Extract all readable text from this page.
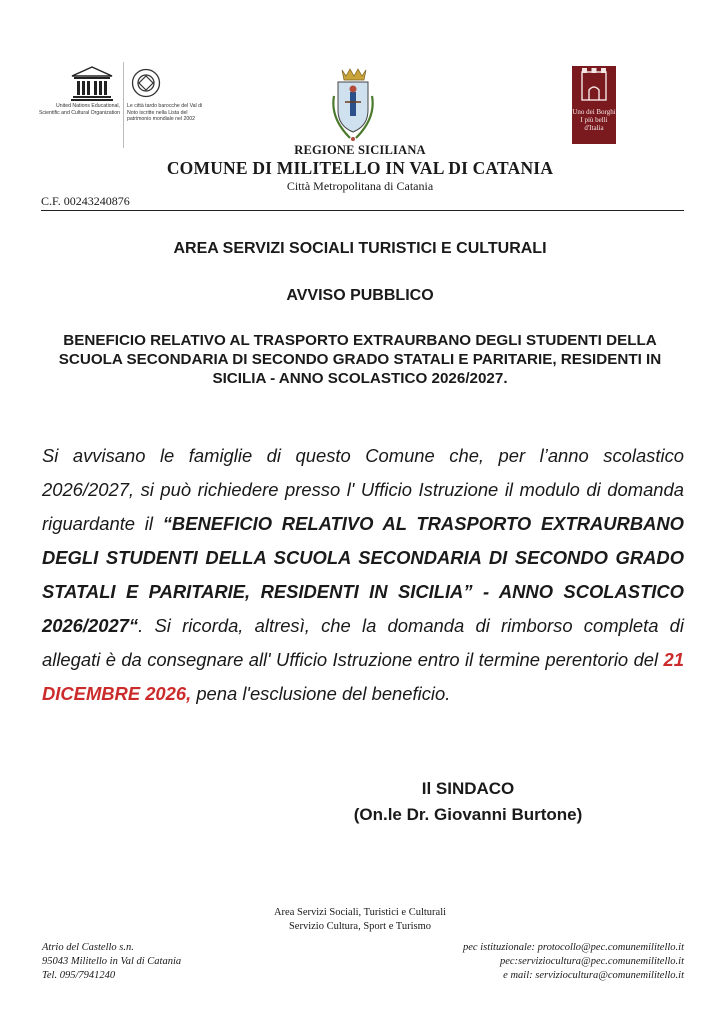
United Nations Educational, Scientific and Cultural Organization
Le città tardo barocche del Val di Noto iscritte nella Lista del patrimonio mondiale nel 2002
Uno dei Borghi
I più belli d'Italia
REGIONE SICILIANA
COMUNE DI MILITELLO IN VAL DI CATANIA
Città Metropolitana di Catania
C.F. 00243240876
AREA SERVIZI SOCIALI TURISTICI E CULTURALI
AVVISO PUBBLICO
BENEFICIO RELATIVO AL TRASPORTO EXTRAURBANO DEGLI STUDENTI DELLA SCUOLA SECONDARIA DI SECONDO GRADO STATALI E PARITARIE, RESIDENTI IN SICILIA - ANNO SCOLASTICO 2026/2027.
Si avvisano le famiglie di questo Comune che, per l’anno scolastico 2026/2027, si può richiedere presso l' Ufficio Istruzione il modulo di domanda riguardante il “BENEFICIO RELATIVO AL TRASPORTO EXTRAURBANO DEGLI STUDENTI DELLA SCUOLA SECONDARIA DI SECONDO GRADO STATALI E PARITARIE, RESIDENTI IN SICILIA” - ANNO SCOLASTICO 2026/2027“. Si ricorda, altresì, che la domanda di rimborso completa di allegati è da consegnare all' Ufficio Istruzione entro il termine perentorio del 21 DICEMBRE 2026, pena l'esclusione del beneficio.
Il SINDACO
(On.le Dr. Giovanni Burtone)
Area Servizi Sociali, Turistici e Culturali
Servizio Cultura, Sport e Turismo
Atrio del Castello s.n.
95043 Militello in Val di Catania
Tel. 095/7941240
pec istituzionale: protocollo@pec.comunemilitello.it
pec:serviziocultura@pec.comunemilitello.it
e mail: serviziocultura@comunemilitello.it
